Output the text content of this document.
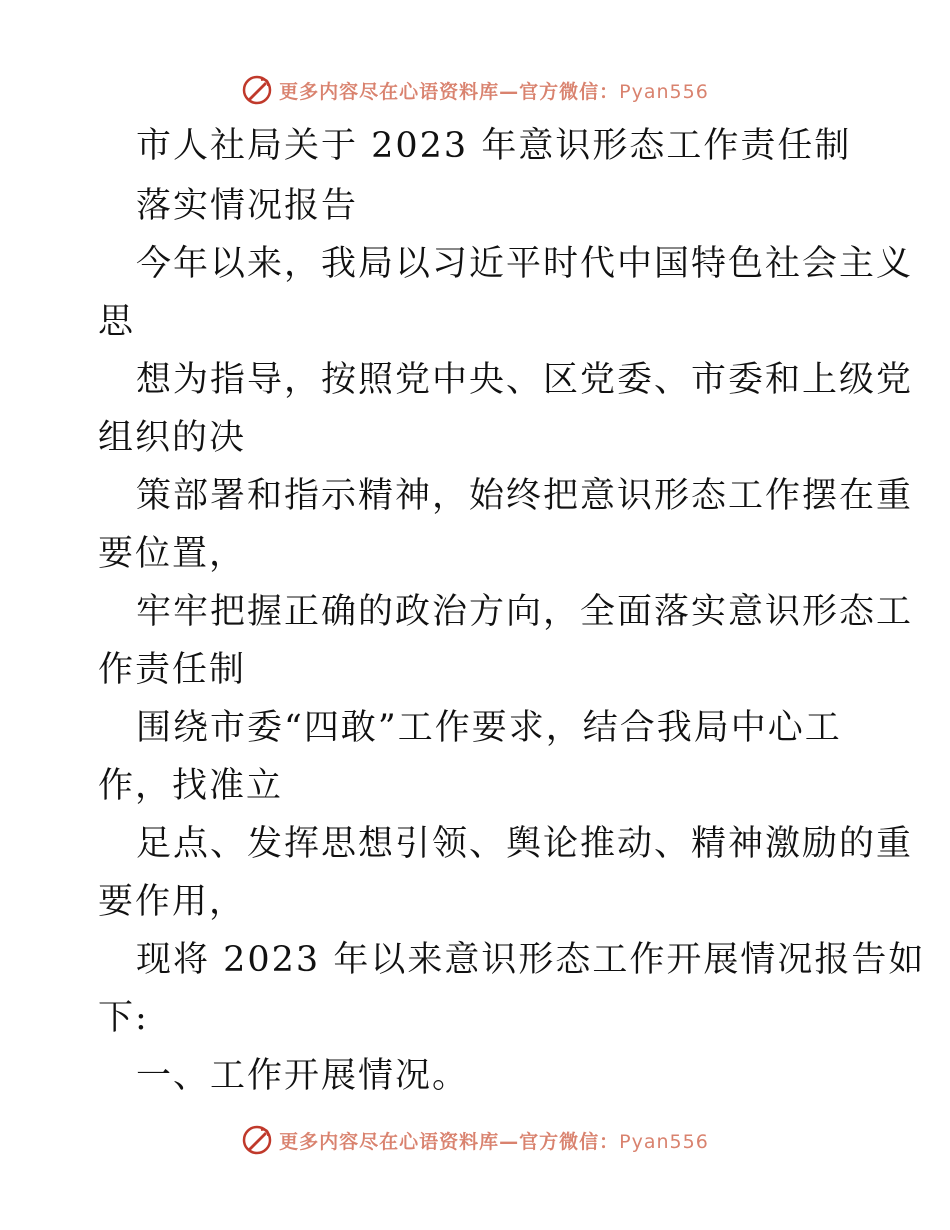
更多内容尽在心语资料库—官方微信：Pyan556
市人社局关于 2023 年意识形态工作责任制
落实情况报告
今年以来，我局以习近平时代中国特色社会主义
思
想为指导，按照党中央、区党委、市委和上级党
组织的决
策部署和指示精神，始终把意识形态工作摆在重
要位置，
牢牢把握正确的政治方向，全面落实意识形态工
作责任制
围绕市委“四敢”工作要求，结合我局中心工
作，找准立
足点、发挥思想引领、舆论推动、精神激励的重
要作用，
现将 2023 年以来意识形态工作开展情况报告如
下:
一、工作开展情况。
更多内容尽在心语资料库—官方微信：Pyan556
